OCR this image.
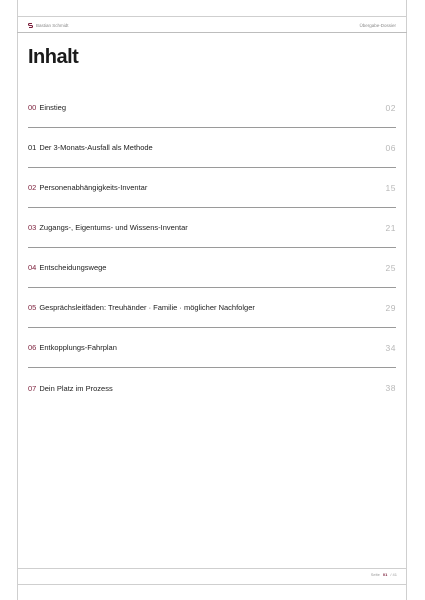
Bastian Schmidt	Übergabe-Dossier
Inhalt
00 Einstieg	02
01 Der 3-Monats-Ausfall als Methode	06
02 Personenabhängigkeits-Inventar	15
03 Zugangs-, Eigentums- und Wissens-Inventar	21
04 Entscheidungswege	25
05 Gesprächsleitfäden: Treuhänder · Familie · möglicher Nachfolger	29
06 Entkopplungs-Fahrplan	34
07 Dein Platz im Prozess	38
Seite 01 / 41
